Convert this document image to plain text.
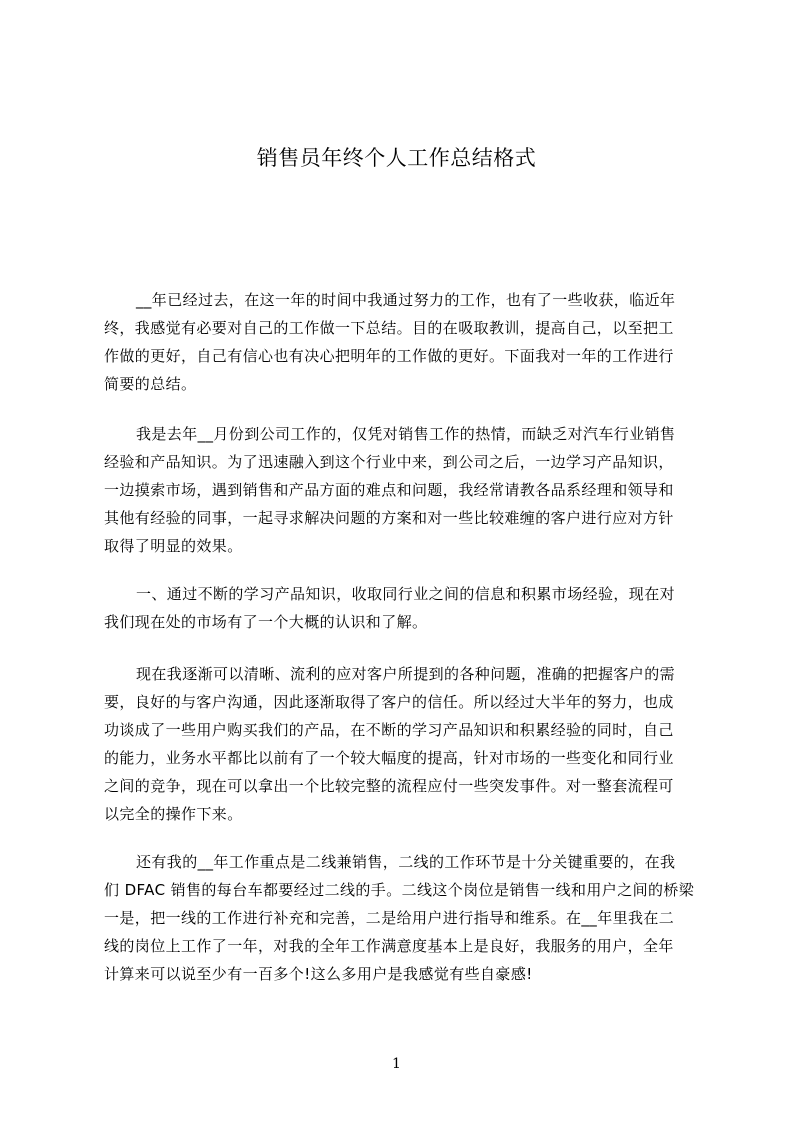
销售员年终个人工作总结格式
__年已经过去，在这一年的时间中我通过努力的工作，也有了一些收获，临近年
终，我感觉有必要对自己的工作做一下总结。目的在吸取教训，提高自己，以至把工
作做的更好，自己有信心也有决心把明年的工作做的更好。下面我对一年的工作进行
简要的总结。
我是去年__月份到公司工作的，仅凭对销售工作的热情，而缺乏对汽车行业销售
经验和产品知识。为了迅速融入到这个行业中来，到公司之后，一边学习产品知识，
一边摸索市场，遇到销售和产品方面的难点和问题，我经常请教各品系经理和领导和
其他有经验的同事，一起寻求解决问题的方案和对一些比较难缠的客户进行应对方针
取得了明显的效果。
一、通过不断的学习产品知识，收取同行业之间的信息和积累市场经验，现在对
我们现在处的市场有了一个大概的认识和了解。
现在我逐渐可以清晰、流利的应对客户所提到的各种问题，准确的把握客户的需
要，良好的与客户沟通，因此逐渐取得了客户的信任。所以经过大半年的努力，也成
功谈成了一些用户购买我们的产品，在不断的学习产品知识和积累经验的同时，自己
的能力，业务水平都比以前有了一个较大幅度的提高，针对市场的一些变化和同行业
之间的竞争，现在可以拿出一个比较完整的流程应付一些突发事件。对一整套流程可
以完全的操作下来。
还有我的__年工作重点是二线兼销售，二线的工作环节是十分关键重要的，在我
们 DFAC 销售的每台车都要经过二线的手。二线这个岗位是销售一线和用户之间的桥梁
一是，把一线的工作进行补充和完善，二是给用户进行指导和维系。在__年里我在二
线的岗位上工作了一年，对我的全年工作满意度基本上是良好，我服务的用户，全年
计算来可以说至少有一百多个!这么多用户是我感觉有些自豪感!
1
